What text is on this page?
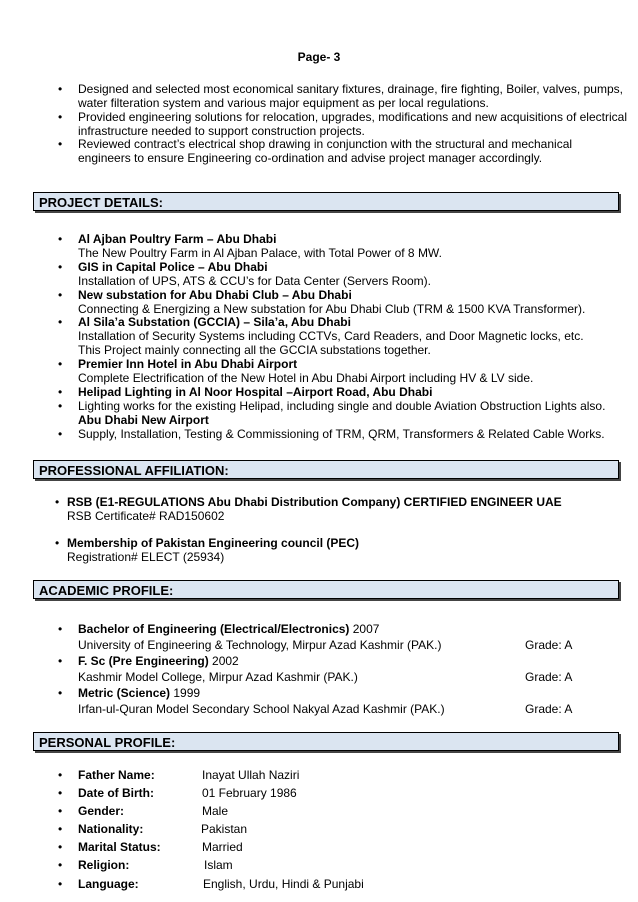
Page- 3
• Designed and selected most economical sanitary fixtures, drainage, fire fighting, Boiler, valves, pumps,
water filteration system and various major equipment as per local regulations.
• Provided engineering solutions for relocation, upgrades, modifications and new acquisitions of electrical
infrastructure needed to support construction projects.
• Reviewed contract’s electrical shop drawing in conjunction with the structural and mechanical
engineers to ensure Engineering co-ordination and advise project manager accordingly.
PROJECT DETAILS:
• Al Ajban Poultry Farm – Abu Dhabi
The New Poultry Farm in Al Ajban Palace, with Total Power of 8 MW.
• GIS in Capital Police – Abu Dhabi
Installation of UPS, ATS & CCU’s for Data Center (Servers Room).
• New substation for Abu Dhabi Club – Abu Dhabi
Connecting & Energizing a New substation for Abu Dhabi Club (TRM & 1500 KVA Transformer).
• Al Sila’a Substation (GCCIA) – Sila’a, Abu Dhabi
Installation of Security Systems including CCTVs, Card Readers, and Door Magnetic locks, etc.
This Project mainly connecting all the GCCIA substations together.
• Premier Inn Hotel in Abu Dhabi Airport
Complete Electrification of the New Hotel in Abu Dhabi Airport including HV & LV side.
• Helipad Lighting in Al Noor Hospital –Airport Road, Abu Dhabi
• Lighting works for the existing Helipad, including single and double Aviation Obstruction Lights also.
Abu Dhabi New Airport
• Supply, Installation, Testing & Commissioning of TRM, QRM, Transformers & Related Cable Works.
PROFESSIONAL AFFILIATION:
• RSB (E1-REGULATIONS Abu Dhabi Distribution Company) CERTIFIED ENGINEER UAE
RSB Certificate# RAD150602
• Membership of Pakistan Engineering council (PEC)
Registration# ELECT (25934)
ACADEMIC PROFILE:
• Bachelor of Engineering (Electrical/Electronics) 2007
University of Engineering & Technology, Mirpur Azad Kashmir (PAK.)	Grade: A
• F. Sc (Pre Engineering) 2002
Kashmir Model College, Mirpur Azad Kashmir (PAK.)	Grade: A
• Metric (Science) 1999
Irfan-ul-Quran Model Secondary School Nakyal Azad Kashmir (PAK.)	Grade: A
PERSONAL PROFILE:
• Father Name:	Inayat Ullah Naziri
• Date of Birth:	01 February 1986
• Gender:	Male
• Nationality:	Pakistan
• Marital Status:	Married
• Religion:	Islam
• Language:	English, Urdu, Hindi & Punjabi
